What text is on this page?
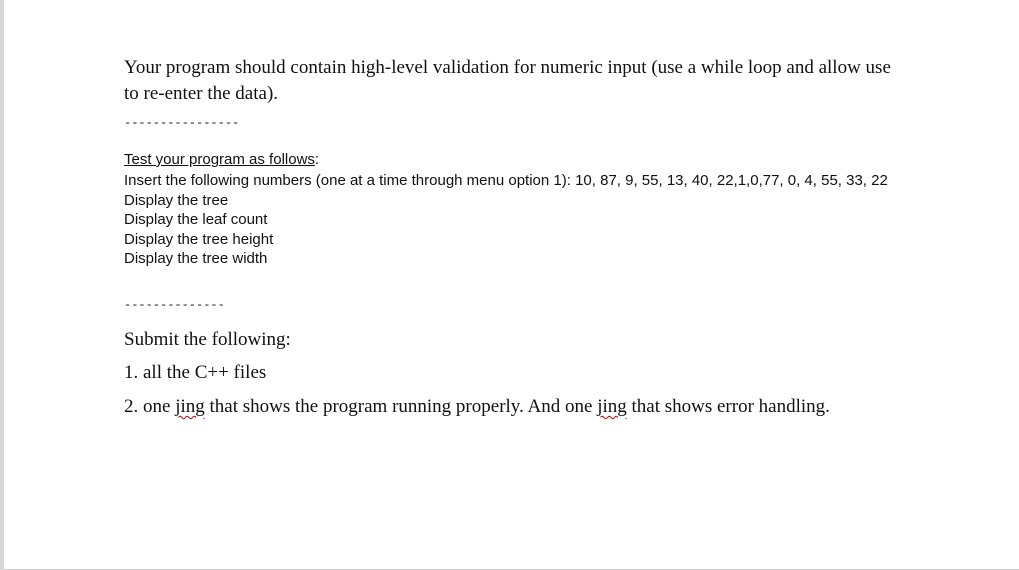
Your program should contain high-level validation for numeric input (use a while loop and allow use to re-enter the data).

----------------
Test your program as follows:
Insert the following numbers (one at a time through menu option 1): 10, 87, 9, 55, 13, 40, 22,1,0,77, 0, 4, 55, 33, 22
Display the tree
Display the leaf count
Display the tree height
Display the tree width
--------------
Submit the following:
1. all the C++ files
2. one jing that shows the program running properly. And one jing that shows error handling.
